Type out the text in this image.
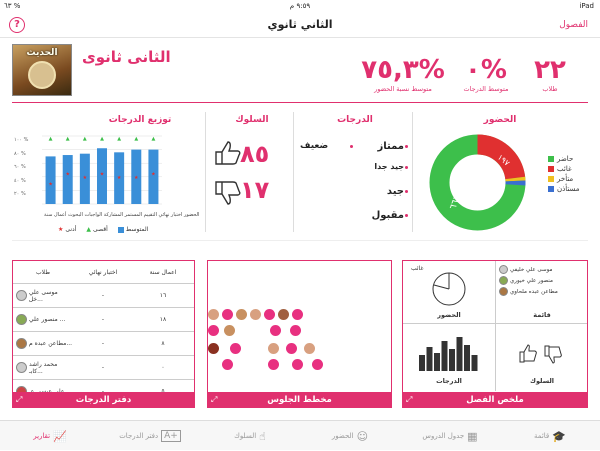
٦٣ %	٩:٥٩ م	iPad
?	الثاني ثانوي	الفصول
٢٢
طلاب
٠%
متوسط الدرجات
٧٥,٣%
متوسط نسبة الحضور
الحديث	الثانى ثانوى
الحضور
١٩٧
٦٦٢
حاضر
غائب
متأخر
مستأذن
الدرجات
ممتاز
ضعيف
جيد جدا
جيد
مقبول
السلوك
٨٥
١٧
توزيع الدرجات
١٠٠ %
٨٠ %
٦٠ %
٤٠ %
٢٠ %
▲
★
▲
★
▲
★
▲
★
▲
★
▲
★
▲
★
الحضور اختبار نهائي التقييم المستمر المشاركة الواجبات البحوث أعمال سنة
★ أدنى ▲ أقصى	المتوسط
طلاب	اختبار نهائي	اعمال سنة
موسى علي خل...	-	١٦
منصور علي ...	-	١٨
مطاعن عبده م...	-	٨
محمد راشد كابـ...	-	٠
دفتر الدرجات
⤢	مخطط الجلوس
⤢
موسى علي خليفي
منصور علي خيوري
مطاعن عبده ملحاوي
قائمة
غائب
الحضور
السلوك
الدرجات
ملخص الفصل
⤢
قائمة 🎓
جدول الدروس ▦
الحضور ☺
السلوك ☝
دفتر الدرجات A+
تقارير 📈
